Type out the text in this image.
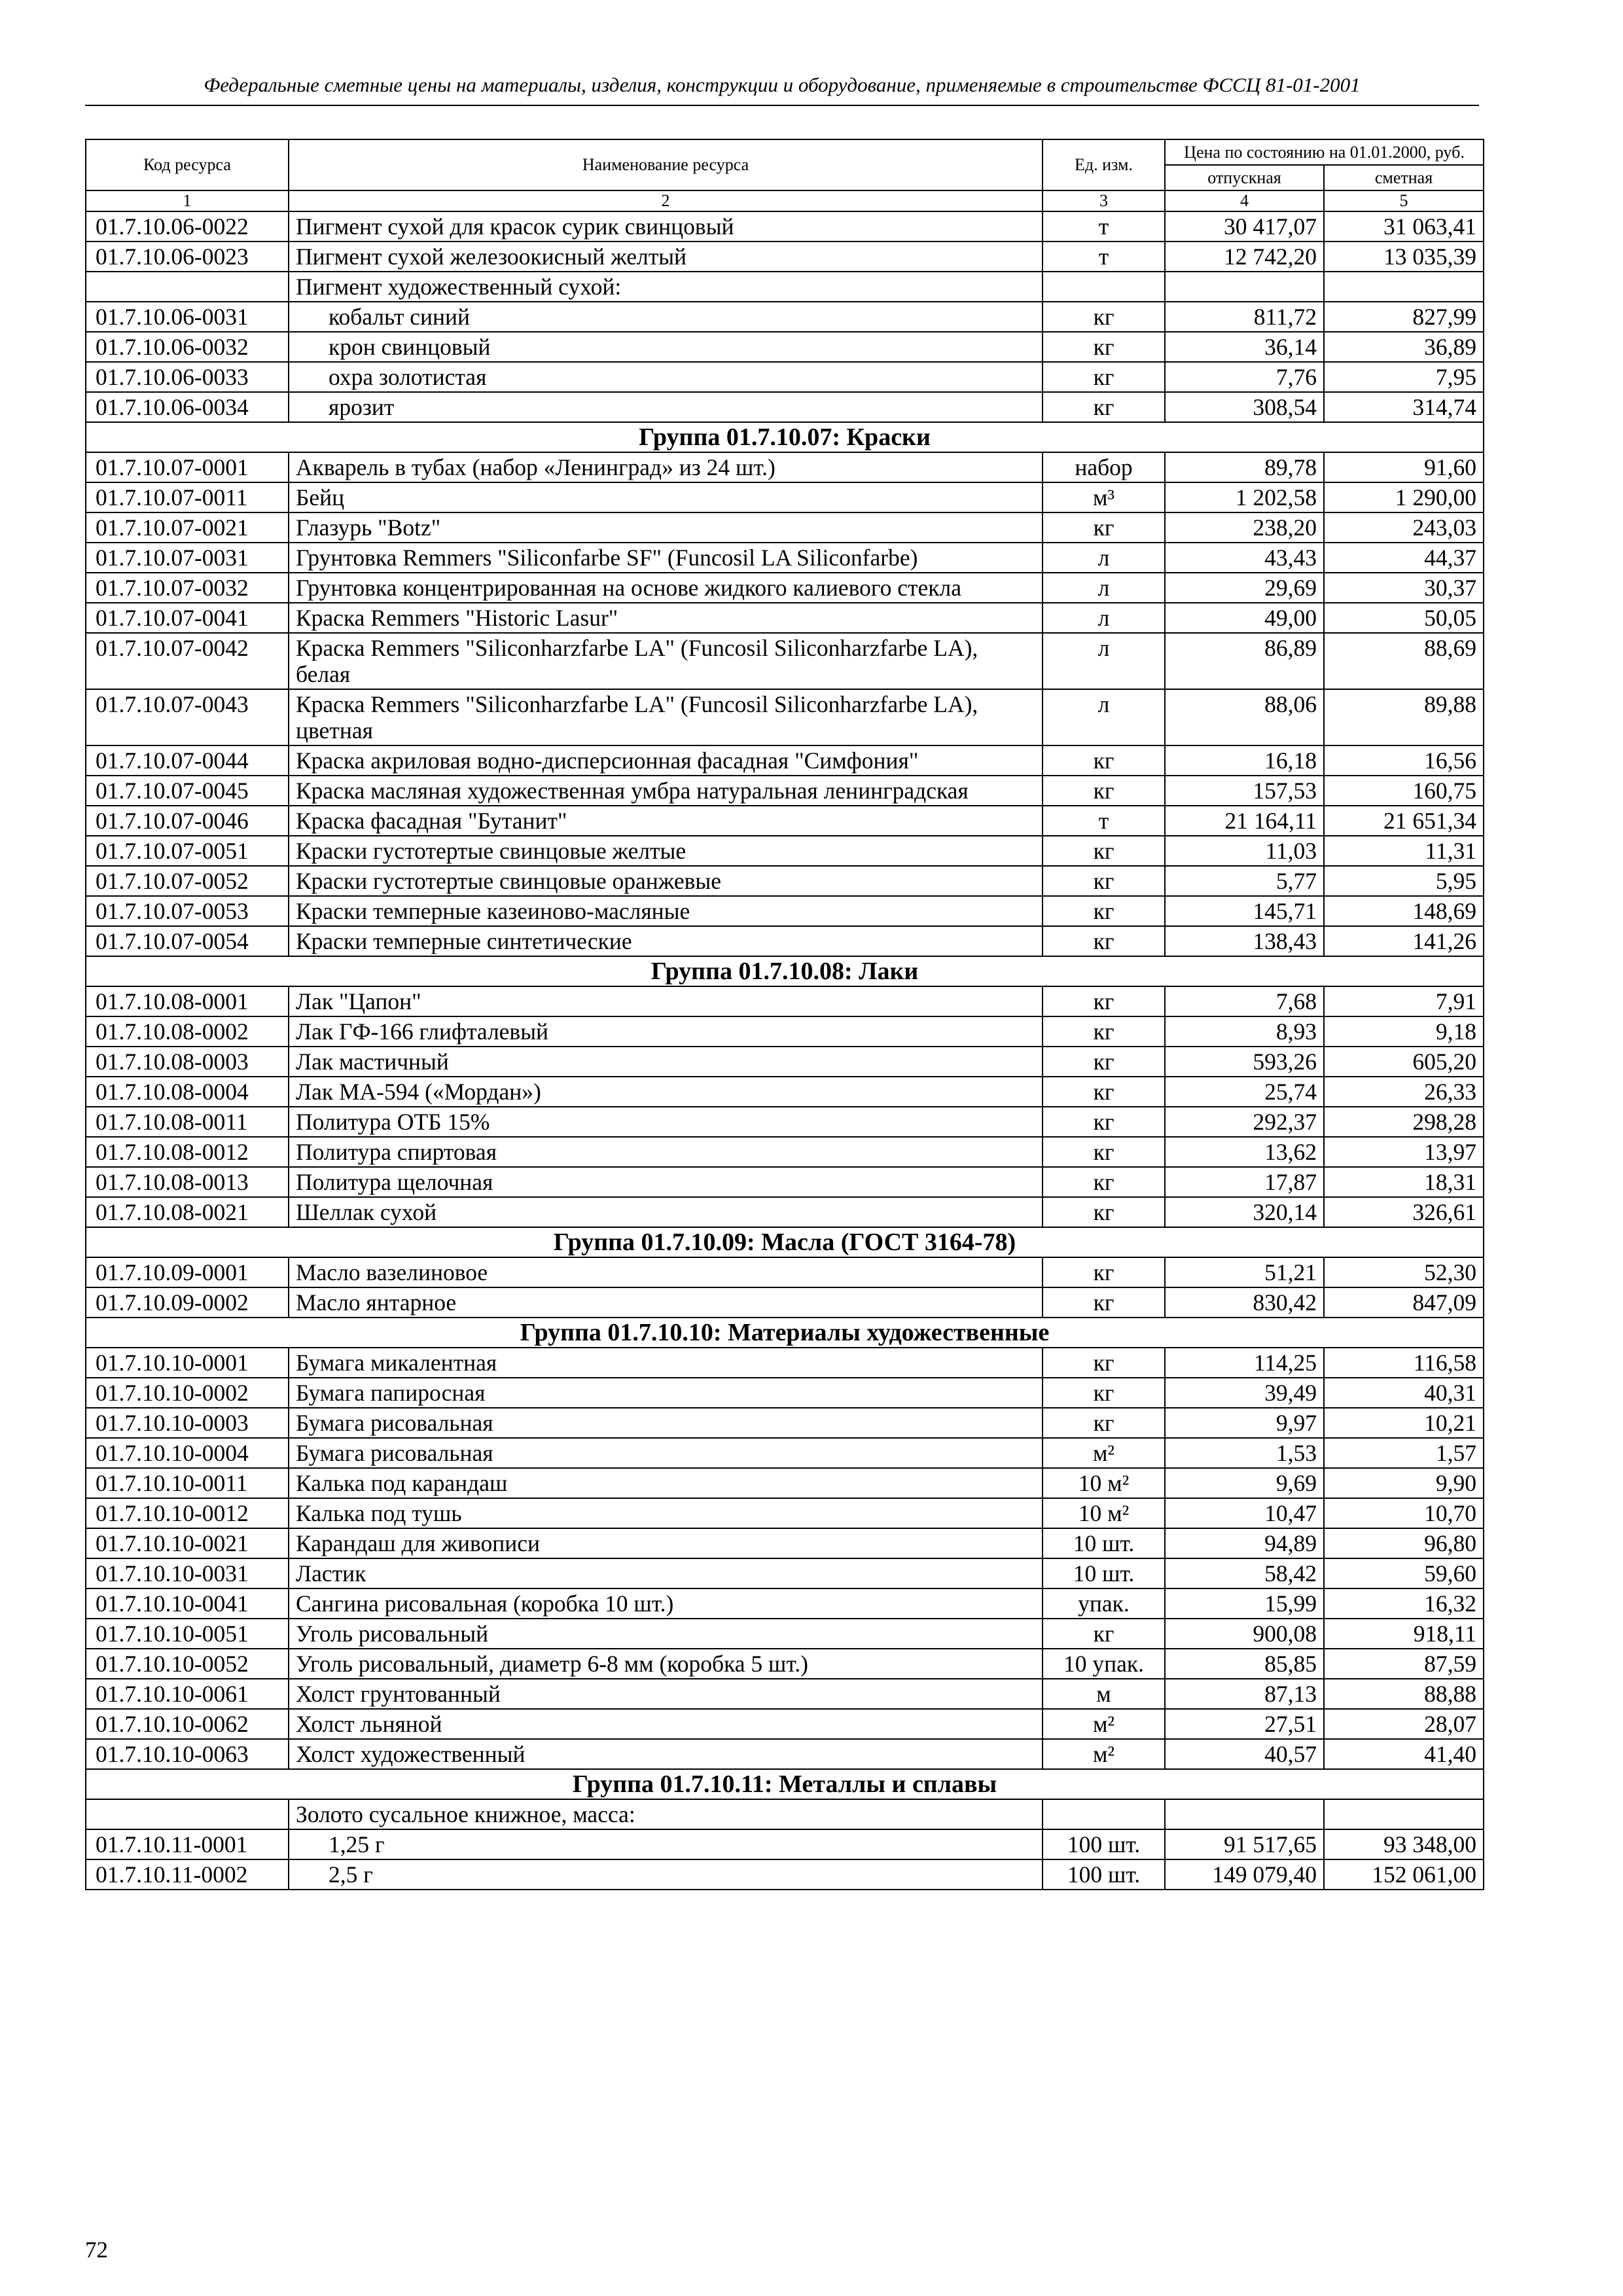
Федеральные сметные цены на материалы, изделия, конструкции и оборудование, применяемые в строительстве ФССЦ 81-01-2001
Код ресурса	Наименование ресурса	Ед. изм.	Цена по состоянию на 01.01.2000, руб.	
			отпускная	сметная
1	2	3	4	5
01.7.10.06-0022	Пигмент сухой для красок сурик свинцовый	т	30 417,07	31 063,41
01.7.10.06-0023	Пигмент сухой железоокисный желтый	т	12 742,20	13 035,39
	Пигмент художественный сухой:			
01.7.10.06-0031	кобальт синий	кг	811,72	827,99
01.7.10.06-0032	крон свинцовый	кг	36,14	36,89
01.7.10.06-0033	охра золотистая	кг	7,76	7,95
01.7.10.06-0034	ярозит	кг	308,54	314,74
Группа 01.7.10.07: Краски				
01.7.10.07-0001	Акварель в тубах (набор «Ленинград» из 24 шт.)	набор	89,78	91,60
01.7.10.07-0011	Бейц	м³	1 202,58	1 290,00
01.7.10.07-0021	Глазурь "Botz"	кг	238,20	243,03
01.7.10.07-0031	Грунтовка Remmers "Siliconfarbe SF" (Funcosil LA Siliconfarbe)	л	43,43	44,37
01.7.10.07-0032	Грунтовка концентрированная на основе жидкого калиевого стекла	л	29,69	30,37
01.7.10.07-0041	Краска Remmers "Historic Lasur"	л	49,00	50,05
01.7.10.07-0042	Краска Remmers "Siliconharzfarbe LA" (Funcosil Siliconharzfarbe LA), белая	л	86,89	88,69
01.7.10.07-0043	Краска Remmers "Siliconharzfarbe LA" (Funcosil Siliconharzfarbe LA), цветная	л	88,06	89,88
01.7.10.07-0044	Краска акриловая водно-дисперсионная фасадная "Симфония"	кг	16,18	16,56
01.7.10.07-0045	Краска масляная художественная умбра натуральная ленинградская	кг	157,53	160,75
01.7.10.07-0046	Краска фасадная "Бутанит"	т	21 164,11	21 651,34
01.7.10.07-0051	Краски густотертые свинцовые желтые	кг	11,03	11,31
01.7.10.07-0052	Краски густотертые свинцовые оранжевые	кг	5,77	5,95
01.7.10.07-0053	Краски темперные казеиново-масляные	кг	145,71	148,69
01.7.10.07-0054	Краски темперные синтетические	кг	138,43	141,26
Группа 01.7.10.08: Лаки				
01.7.10.08-0001	Лак "Цапон"	кг	7,68	7,91
01.7.10.08-0002	Лак ГФ-166 глифталевый	кг	8,93	9,18
01.7.10.08-0003	Лак мастичный	кг	593,26	605,20
01.7.10.08-0004	Лак МА-594 («Мордан»)	кг	25,74	26,33
01.7.10.08-0011	Политура ОТБ 15%	кг	292,37	298,28
01.7.10.08-0012	Политура спиртовая	кг	13,62	13,97
01.7.10.08-0013	Политура щелочная	кг	17,87	18,31
01.7.10.08-0021	Шеллак сухой	кг	320,14	326,61
Группа 01.7.10.09: Масла (ГОСТ 3164-78)				
01.7.10.09-0001	Масло вазелиновое	кг	51,21	52,30
01.7.10.09-0002	Масло янтарное	кг	830,42	847,09
Группа 01.7.10.10: Материалы художественные				
01.7.10.10-0001	Бумага микалентная	кг	114,25	116,58
01.7.10.10-0002	Бумага папиросная	кг	39,49	40,31
01.7.10.10-0003	Бумага рисовальная	кг	9,97	10,21
01.7.10.10-0004	Бумага рисовальная	м²	1,53	1,57
01.7.10.10-0011	Калька под карандаш	10 м²	9,69	9,90
01.7.10.10-0012	Калька под тушь	10 м²	10,47	10,70
01.7.10.10-0021	Карандаш для живописи	10 шт.	94,89	96,80
01.7.10.10-0031	Ластик	10 шт.	58,42	59,60
01.7.10.10-0041	Сангина рисовальная (коробка 10 шт.)	упак.	15,99	16,32
01.7.10.10-0051	Уголь рисовальный	кг	900,08	918,11
01.7.10.10-0052	Уголь рисовальный, диаметр 6-8 мм (коробка 5 шт.)	10 упак.	85,85	87,59
01.7.10.10-0061	Холст грунтованный	м	87,13	88,88
01.7.10.10-0062	Холст льняной	м²	27,51	28,07
01.7.10.10-0063	Холст художественный	м²	40,57	41,40
Группа 01.7.10.11: Металлы и сплавы				
	Золото сусальное книжное, масса:			
01.7.10.11-0001	1,25 г	100 шт.	91 517,65	93 348,00
01.7.10.11-0002	2,5 г	100 шт.	149 079,40	152 061,00
72
